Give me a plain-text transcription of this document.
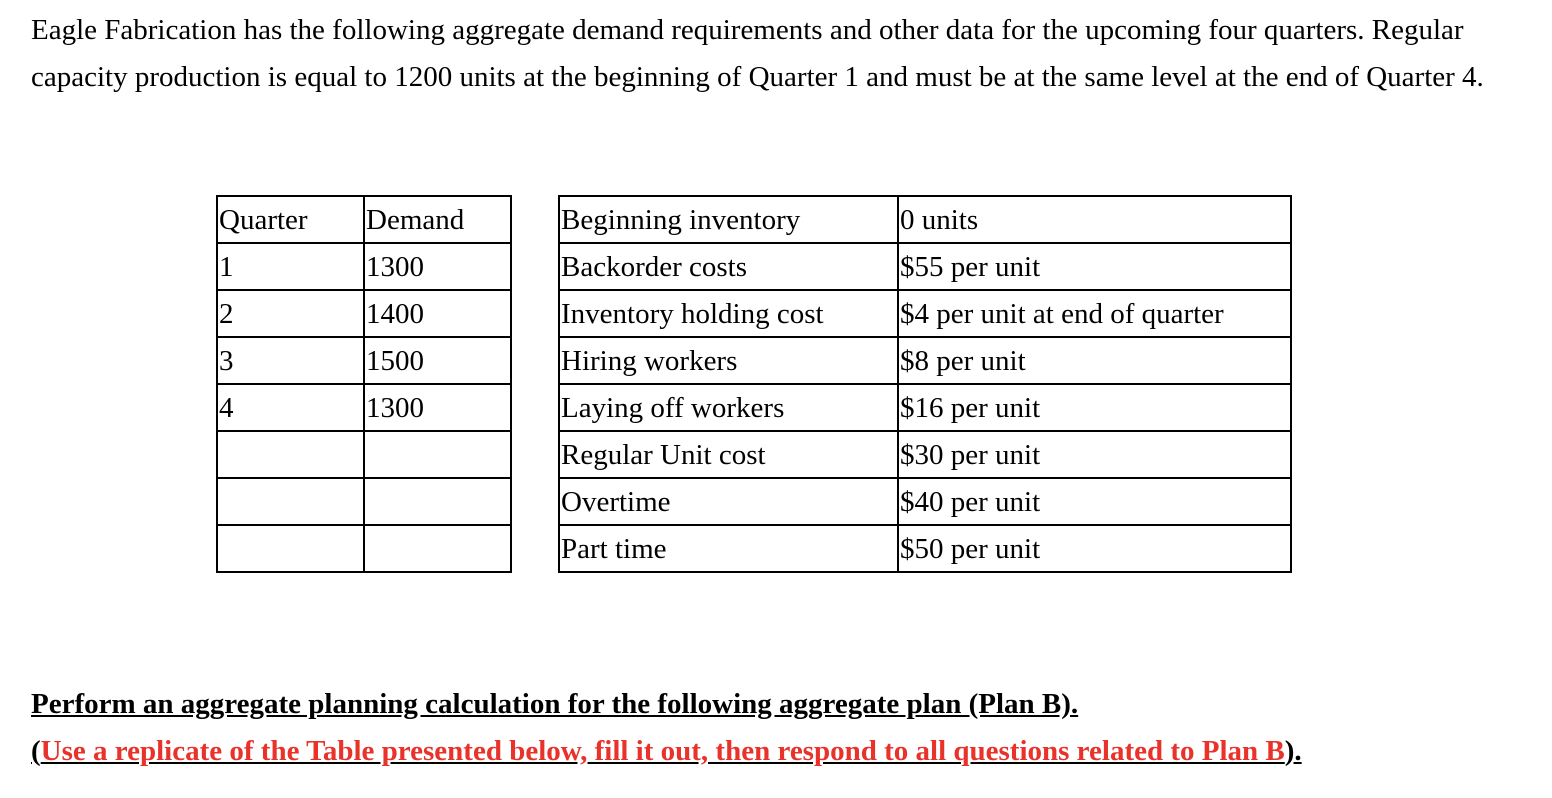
Eagle Fabrication has the following aggregate demand requirements and other data for the upcoming four quarters. Regular capacity production is equal to 1200 units at the beginning of Quarter 1 and must be at the same level at the end of Quarter 4.

Quarter	Demand
1	1300
2	1400
3	1500
4	1300

Beginning inventory	0 units
Backorder costs	$55 per unit
Inventory holding cost	$4 per unit at end of quarter
Hiring workers	$8 per unit
Laying off workers	$16 per unit
Regular Unit cost	$30 per unit
Overtime	$40 per unit
Part time	$50 per unit

Perform an aggregate planning calculation for the following aggregate plan (Plan B).

(Use a replicate of the Table presented below, fill it out, then respond to all questions related to Plan B).
